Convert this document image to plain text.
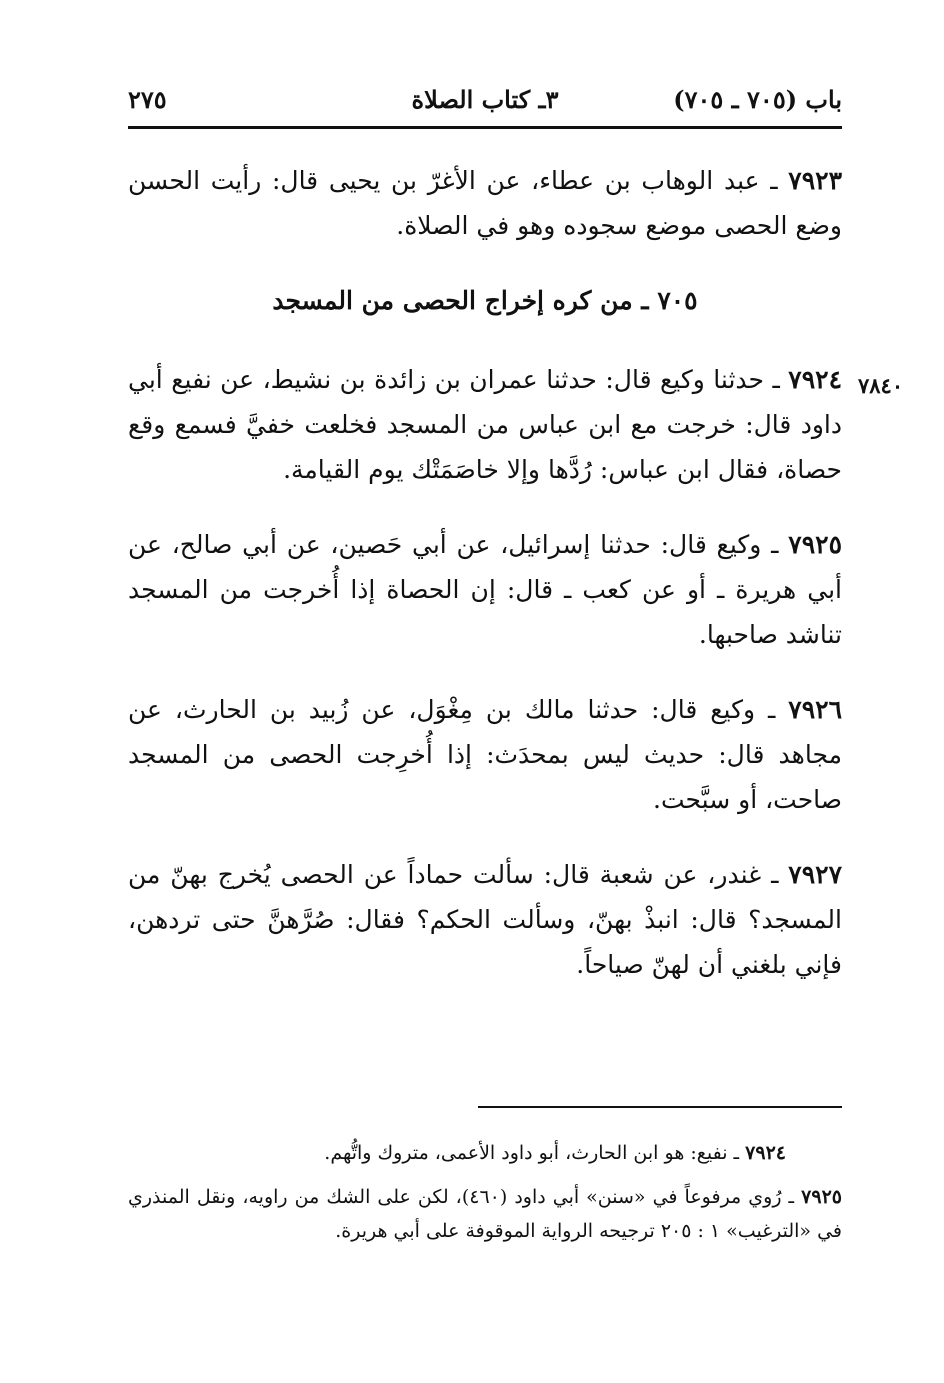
باب (٧٠٥ ـ ٧٠٥)
٣ـ كتاب الصلاة
٢٧٥
٧٨٤٠

٧٩٢٣ ـ عبد الوهاب بن عطاء، عن الأغرّ بن يحيى قال: رأيت الحسن وضع الحصى موضع سجوده وهو في الصلاة.

٧٠٥ ـ من كره إخراج الحصى من المسجد

٧٩٢٤ ـ حدثنا وكيع قال: حدثنا عمران بن زائدة بن نشيط، عن نفيع أبي داود قال: خرجت مع ابن عباس من المسجد فخلعت خفيَّ فسمع وقع حصاة، فقال ابن عباس: رُدَّها وإلا خاصَمَتْك يوم القيامة.

٧٩٢٥ ـ وكيع قال: حدثنا إسرائيل، عن أبي حَصين، عن أبي صالح، عن أبي هريرة ـ أو عن كعب ـ قال: إن الحصاة إذا أُخرجت من المسجد تناشد صاحبها.

٧٩٢٦ ـ وكيع قال: حدثنا مالك بن مِغْوَل، عن زُبيد بن الحارث، عن مجاهد قال: حديث ليس بمحدَث: إذا أُخرِجت الحصى من المسجد صاحت، أو سبَّحت.

٧٩٢٧ ـ غندر، عن شعبة قال: سألت حماداً عن الحصى يُخرج بهنّ من المسجد؟ قال: انبذْ بهنّ، وسألت الحكم؟ فقال: صُرَّهنَّ حتى تردهن، فإني بلغني أن لهنّ صياحاً.

٧٩٢٤ ـ نفيع: هو ابن الحارث، أبو داود الأعمى، متروك واتُّهم.

٧٩٢٥ ـ رُوي مرفوعاً في «سنن» أبي داود (٤٦٠)، لكن على الشك من راويه، ونقل المنذري في «الترغيب» ١ : ٢٠٥ ترجيحه الرواية الموقوفة على أبي هريرة.
